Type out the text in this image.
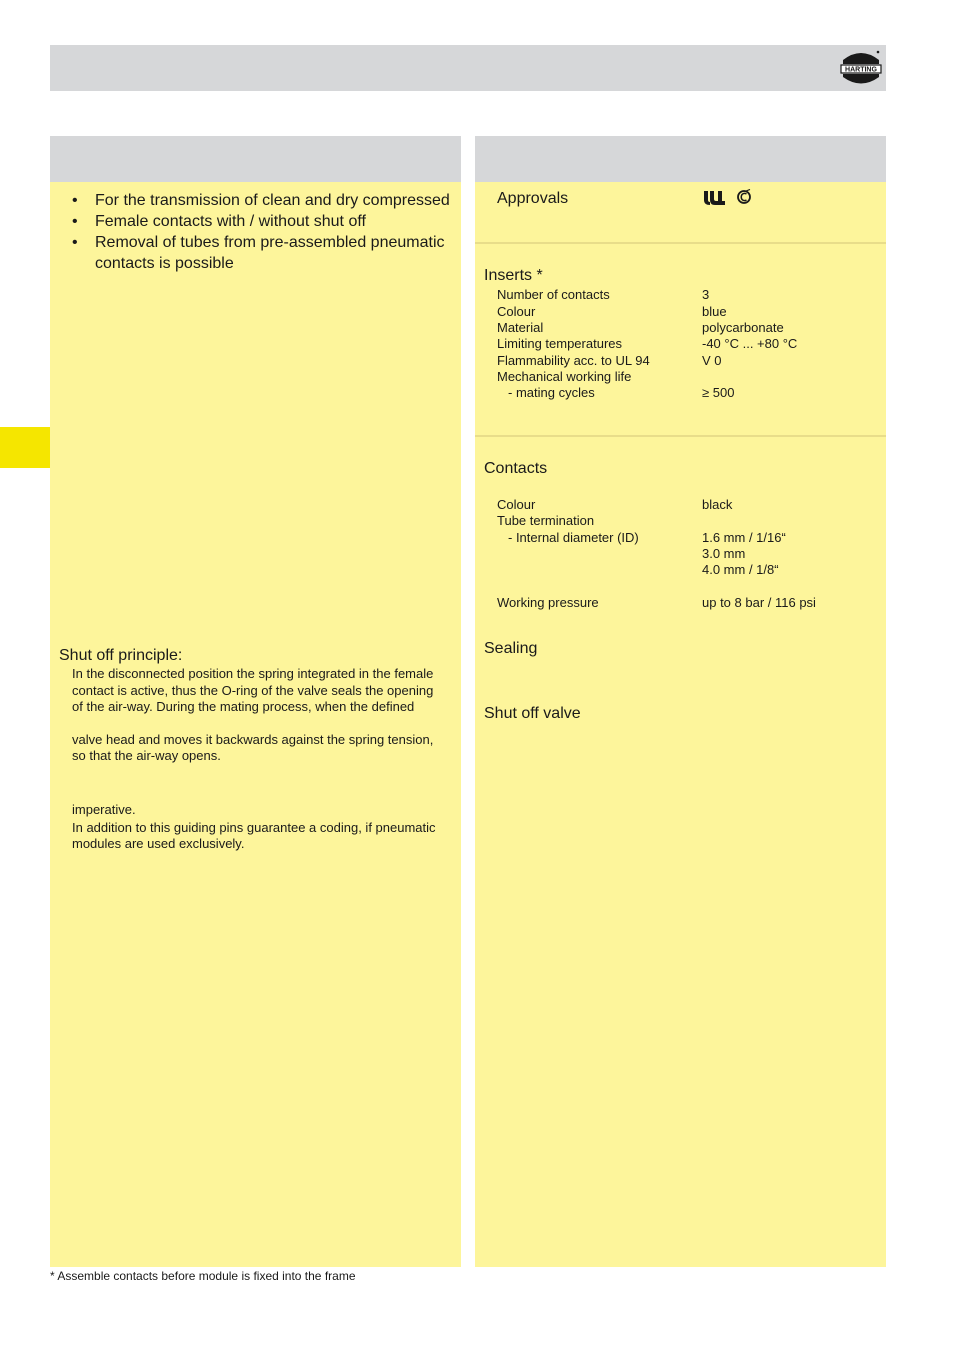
HARTING
• For the transmission of clean and dry compressed
• Female contacts with / without shut off
• Removal of tubes from pre-assembled pneumatic
contacts is possible
Shut off principle:
In the disconnected position the spring integrated in the female
contact is active, thus the O-ring of the valve seals the opening
of the air-way. During the mating process, when the defined
valve head and moves it backwards against the spring tension,
so that the air-way opens.
imperative.
In addition to this guiding pins guarantee a coding, if pneumatic
modules are used exclusively.
Approvals
Inserts *
Number of contacts	3
Colour	blue
Material	polycarbonate
Limiting temperatures	-40 °C ... +80 °C
Flammability acc. to UL 94	V 0
Mechanical working life
- mating cycles	≥ 500
Contacts
Colour	black
Tube termination
- Internal diameter (ID)	1.6 mm / 1/16“
3.0 mm
4.0 mm / 1/8“
Working pressure	up to 8 bar / 116 psi
Sealing
Shut off valve
* Assemble contacts before module is fixed into the frame
